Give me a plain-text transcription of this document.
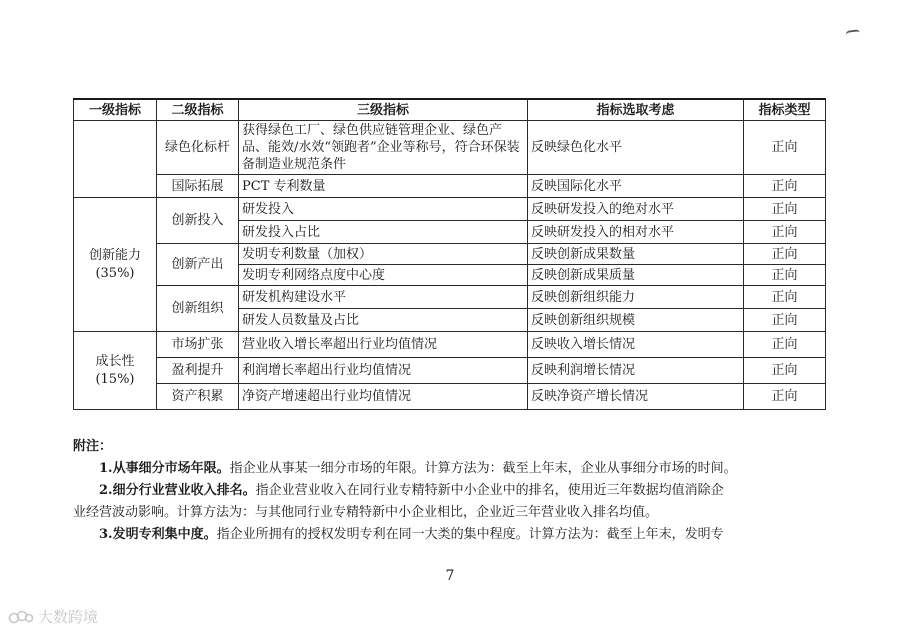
一级指标	二级指标	三级指标	指标选取考虑	指标类型
	绿色化标杆	获得绿色工厂、绿色供应链管理企业、绿色产品、能效/水效“领跑者”企业等称号，符合环保装备制造业规范条件	反映绿色化水平	正向
	国际拓展	PCT 专利数量	反映国际化水平	正向

创新能力
(35%)	创新投入	研发投入	反映研发投入的绝对水平	正向
		研发投入占比	反映研发投入的相对水平	正向
	创新产出	发明专利数量（加权）	反映创新成果数量	正向
		发明专利网络点度中心度	反映创新成果质量	正向
	创新组织	研发机构建设水平	反映创新组织能力	正向
		研发人员数量及占比	反映创新组织规模	正向

成长性
(15%)	市场扩张	营业收入增长率超出行业均值情况	反映收入增长情况	正向
	盈利提升	利润增长率超出行业均值情况	反映利润增长情况	正向
	资产积累	净资产增速超出行业均值情况	反映净资产增长情况	正向

附注：

1.从事细分市场年限。指企业从事某一细分市场的年限。计算方法为：截至上年末，企业从事细分市场的时间。

2.细分行业营业收入排名。指企业营业收入在同行业专精特新中小企业中的排名，使用近三年数据均值消除企

业经营波动影响。计算方法为：与其他同行业专精特新中小企业相比，企业近三年营业收入排名均值。

3.发明专利集中度。指企业所拥有的授权发明专利在同一大类的集中程度。计算方法为：截至上年末，发明专

7
大数跨境
